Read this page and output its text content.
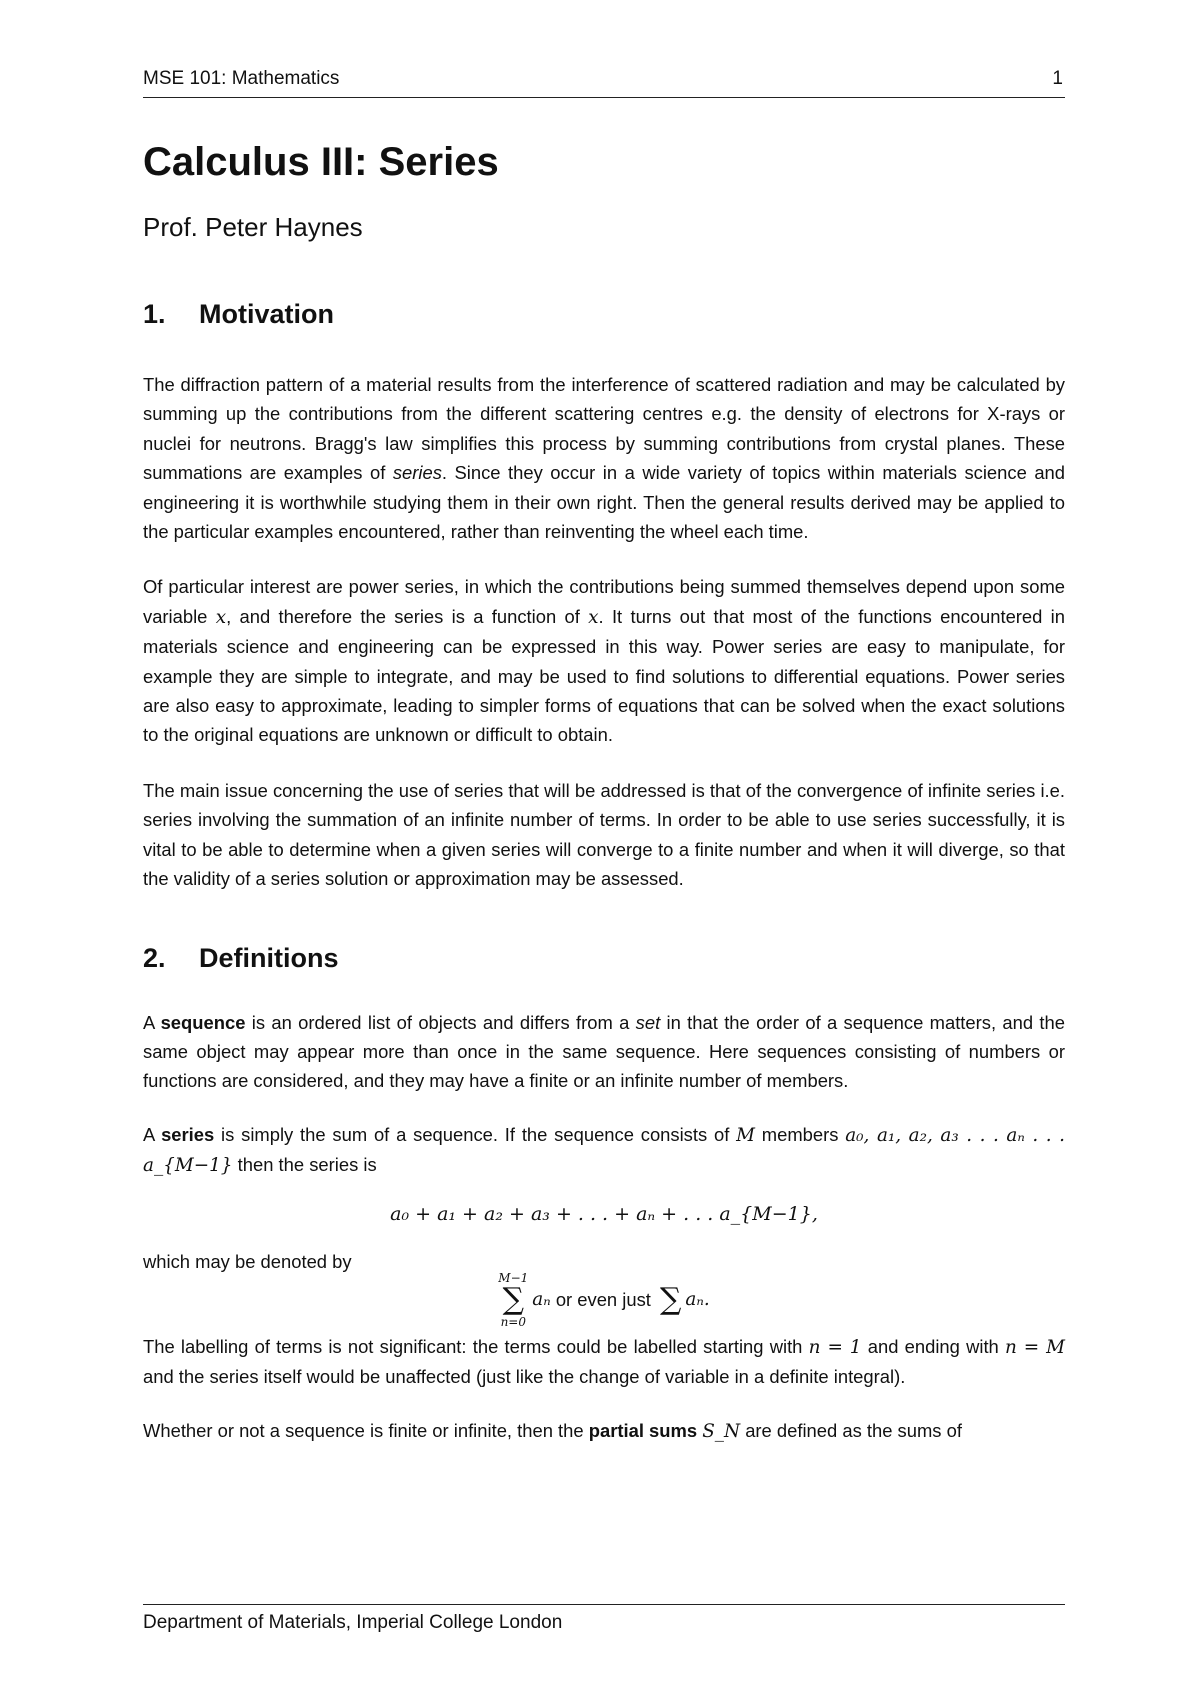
MSE 101: Mathematics	1
Calculus III: Series
Prof. Peter Haynes
1. Motivation

The diffraction pattern of a material results from the interference of scattered radiation and may be calculated by summing up the contributions from the different scattering centres e.g. the density of electrons for X-rays or nuclei for neutrons. Bragg's law simplifies this process by summing contributions from crystal planes. These summations are examples of series. Since they occur in a wide variety of topics within materials science and engineering it is worthwhile studying them in their own right. Then the general results derived may be applied to the particular examples encountered, rather than reinventing the wheel each time.

Of particular interest are power series, in which the contributions being summed themselves depend upon some variable x, and therefore the series is a function of x. It turns out that most of the functions encountered in materials science and engineering can be expressed in this way. Power series are easy to manipulate, for example they are simple to integrate, and may be used to find solutions to differential equations. Power series are also easy to approximate, leading to simpler forms of equations that can be solved when the exact solutions to the original equations are unknown or difficult to obtain.

The main issue concerning the use of series that will be addressed is that of the convergence of infinite series i.e. series involving the summation of an infinite number of terms. In order to be able to use series successfully, it is vital to be able to determine when a given series will converge to a finite number and when it will diverge, so that the validity of a series solution or approximation may be assessed.

2. Definitions

A sequence is an ordered list of objects and differs from a set in that the order of a sequence matters, and the same object may appear more than once in the same sequence. Here sequences consisting of numbers or functions are considered, and they may have a finite or an infinite number of members.

A series is simply the sum of a sequence. If the sequence consists of M members a₀, a₁, a₂, a₃ . . . aₙ . . . a_{M−1} then the series is

a₀ + a₁ + a₂ + a₃ + . . . + aₙ + . . . a_{M−1},

which may be denoted by

M−1
∑
n=0
aₙ or even just ∑ aₙ.

The labelling of terms is not significant: the terms could be labelled starting with n = 1 and ending with n = M and the series itself would be unaffected (just like the change of variable in a definite integral).

Whether or not a sequence is finite or infinite, then the partial sums S_N are defined as the sums of

Department of Materials, Imperial College London
